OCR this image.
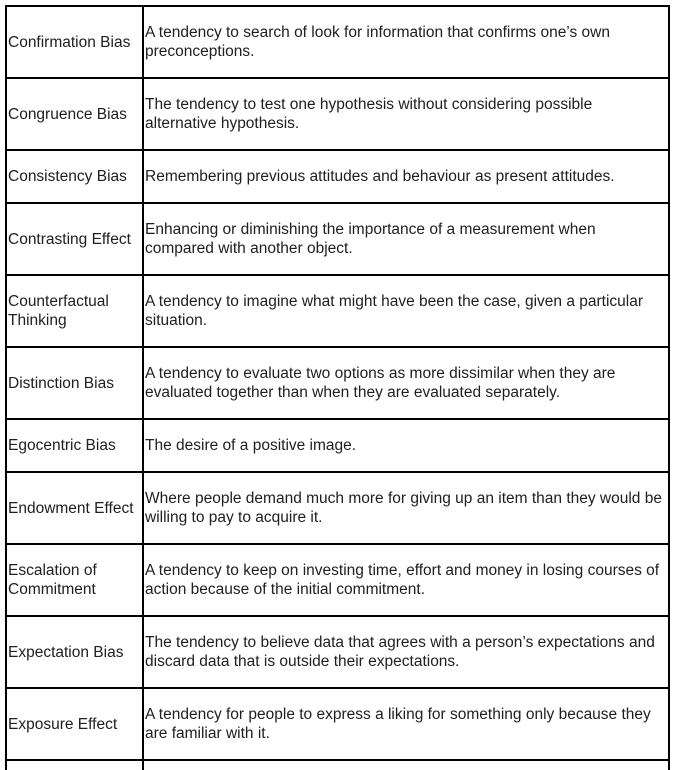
Confirmation Bias	A tendency to search of look for information that confirms one’s own preconceptions.
Congruence Bias	The tendency to test one hypothesis without considering possible alternative hypothesis.
Consistency Bias	Remembering previous attitudes and behaviour as present attitudes.
Contrasting Effect	Enhancing or diminishing the importance of a measurement when compared with another object.
Counterfactual Thinking	A tendency to imagine what might have been the case, given a particular situation.
Distinction Bias	A tendency to evaluate two options as more dissimilar when they are evaluated together than when they are evaluated separately.
Egocentric Bias	The desire of a positive image.
Endowment Effect	Where people demand much more for giving up an item than they would be willing to pay to acquire it.
Escalation of Commitment	A tendency to keep on investing time, effort and money in losing courses of action because of the initial commitment.
Expectation Bias	The tendency to believe data that agrees with a person’s expectations and discard data that is outside their expectations.
Exposure Effect	A tendency for people to express a liking for something only because they are familiar with it.
